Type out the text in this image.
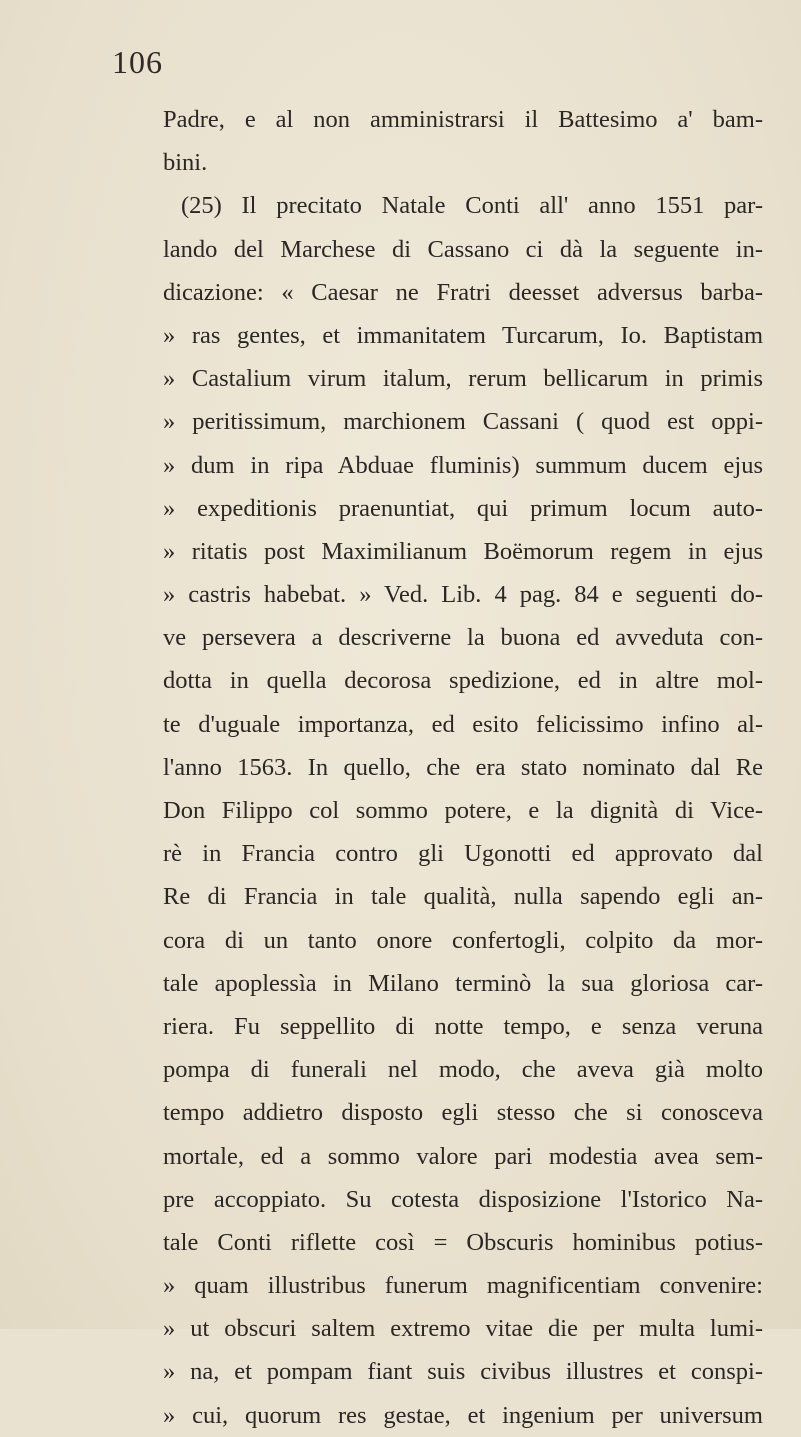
106
Padre, e al non amministrarsi il Battesimo a' bam-
bini.
(25) Il precitato Natale Conti all' anno 1551 par-
lando del Marchese di Cassano ci dà la seguente in-
dicazione: « Caesar ne Fratri deesset adversus barba-
» ras gentes, et immanitatem Turcarum, Io. Baptistam
» Castalium virum italum, rerum bellicarum in primis
» peritissimum, marchionem Cassani ( quod est oppi-
» dum in ripa Abduae fluminis) summum ducem ejus
» expeditionis praenuntiat, qui primum locum auto-
» ritatis post Maximilianum Boëmorum regem in ejus
» castris habebat. » Ved. Lib. 4 pag. 84 e seguenti do-
ve persevera a descriverne la buona ed avveduta con-
dotta in quella decorosa spedizione, ed in altre mol-
te d'uguale importanza, ed esito felicissimo infino al-
l'anno 1563. In quello, che era stato nominato dal Re
Don Filippo col sommo potere, e la dignità di Vice-
rè in Francia contro gli Ugonotti ed approvato dal
Re di Francia in tale qualità, nulla sapendo egli an-
cora di un tanto onore confertogli, colpito da mor-
tale apoplessìa in Milano terminò la sua gloriosa car-
riera. Fu seppellito di notte tempo, e senza veruna
pompa di funerali nel modo, che aveva già molto
tempo addietro disposto egli stesso che si conosceva
mortale, ed a sommo valore pari modestia avea sem-
pre accoppiato. Su cotesta disposizione l'Istorico Na-
tale Conti riflette così = Obscuris hominibus potius-
» quam illustribus funerum magnificentiam convenire:
» ut obscuri saltem extremo vitae die per multa lumi-
» na, et pompam fiant suis civibus illustres et conspi-
» cui, quorum res gestae, et ingenium per universum
